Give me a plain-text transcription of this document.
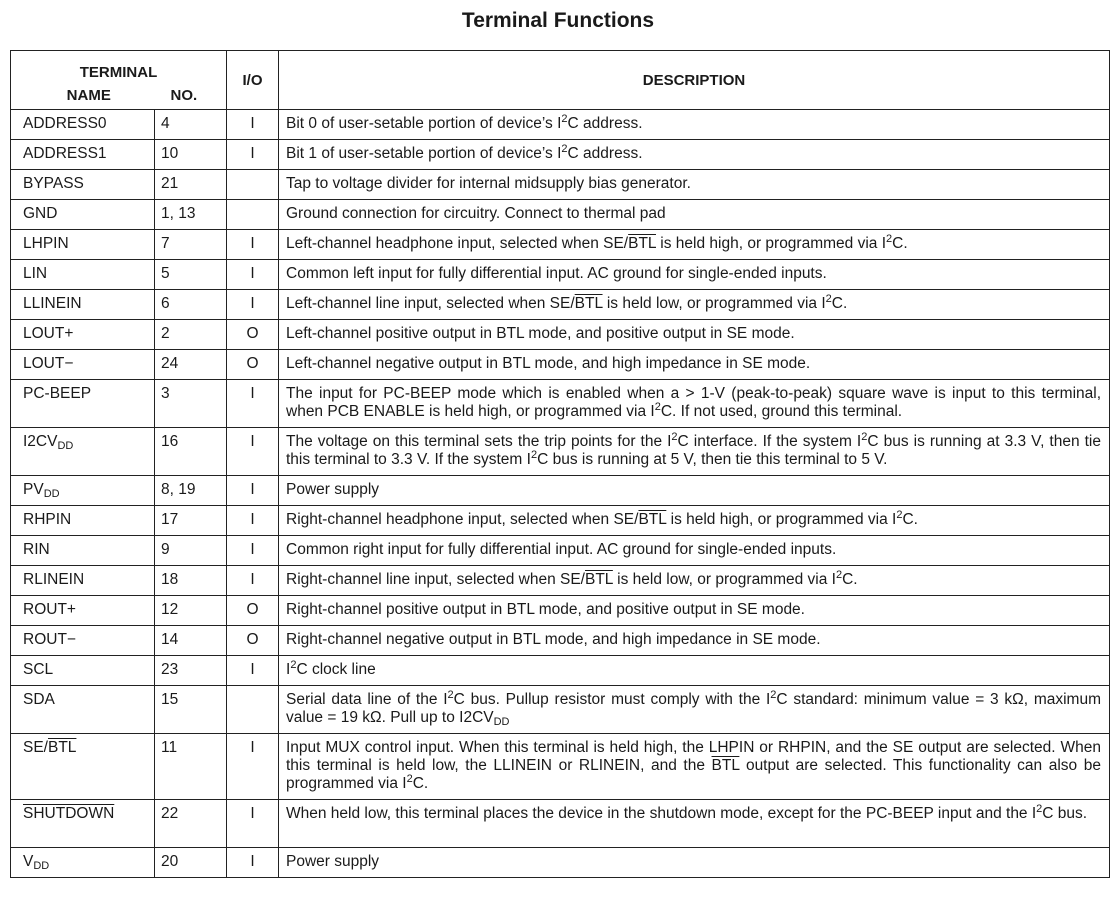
Terminal Functions
TERMINAL		I/O	DESCRIPTION
NAME	NO.		
ADDRESS0	4	I	Bit 0 of user-setable portion of device’s $I^2C$ address.
ADDRESS1	10	I	Bit 1 of user-setable portion of device’s $I^2C$ address.
BYPASS	21		Tap to voltage divider for internal midsupply bias generator.
GND	1, 13		Ground connection for circuitry. Connect to thermal pad
LHPIN	7	I	Left-channel headphone input, selected when $SE/\overline{BTL}$ is held high, or programmed via $I^2C$.
LIN	5	I	Common left input for fully differential input. AC ground for single-ended inputs.
LLINEIN	6	I	Left-channel line input, selected when $SE/\overline{BTL}$ is held low, or programmed via $I^2C$.
LOUT+	2	O	Left-channel positive output in BTL mode, and positive output in SE mode.
LOUT−	24	O	Left-channel negative output in BTL mode, and high impedance in SE mode.
PC-BEEP	3	I	The input for PC-BEEP mode which is enabled when a > 1-V (peak-to-peak) square wave is input to this terminal, when PCB ENABLE is held high, or programmed via $I^2C$. If not used, ground this terminal.
$I2CV_{DD}$	16	I	The voltage on this terminal sets the trip points for the $I^2C$ interface. If the system $I^2C$ bus is running at 3.3 V, then tie this terminal to 3.3 V. If the system $I^2C$ bus is running at 5 V, then tie this terminal to 5 V.
$PV_{DD}$	8, 19	I	Power supply
RHPIN	17	I	Right-channel headphone input, selected when $SE/\overline{BTL}$ is held high, or programmed via $I^2C$.
RIN	9	I	Common right input for fully differential input. AC ground for single-ended inputs.
RLINEIN	18	I	Right-channel line input, selected when $SE/\overline{BTL}$ is held low, or programmed via $I^2C$.
ROUT+	12	O	Right-channel positive output in BTL mode, and positive output in SE mode.
ROUT−	14	O	Right-channel negative output in BTL mode, and high impedance in SE mode.
SCL	23	I	$I^2C$ clock line
SDA	15		Serial data line of the $I^2C$ bus. Pullup resistor must comply with the $I^2C$ standard: minimum value = 3 kΩ, maximum value = 19 kΩ. Pull up to $I2CV_{DD}$
$SE/\overline{BTL}$	11	I	Input MUX control input. When this terminal is held high, the LHPIN or RHPIN, and the SE output are selected. When this terminal is held low, the LLINEIN or RLINEIN, and the $\overline{BTL}$ output are selected. This functionality can also be programmed via $I^2C$.
SHUTDOWN	22	I	When held low, this terminal places the device in the shutdown mode, except for the PC-BEEP input and the $I^2C$ bus.
$V_{DD}$	20	I	Power supply
